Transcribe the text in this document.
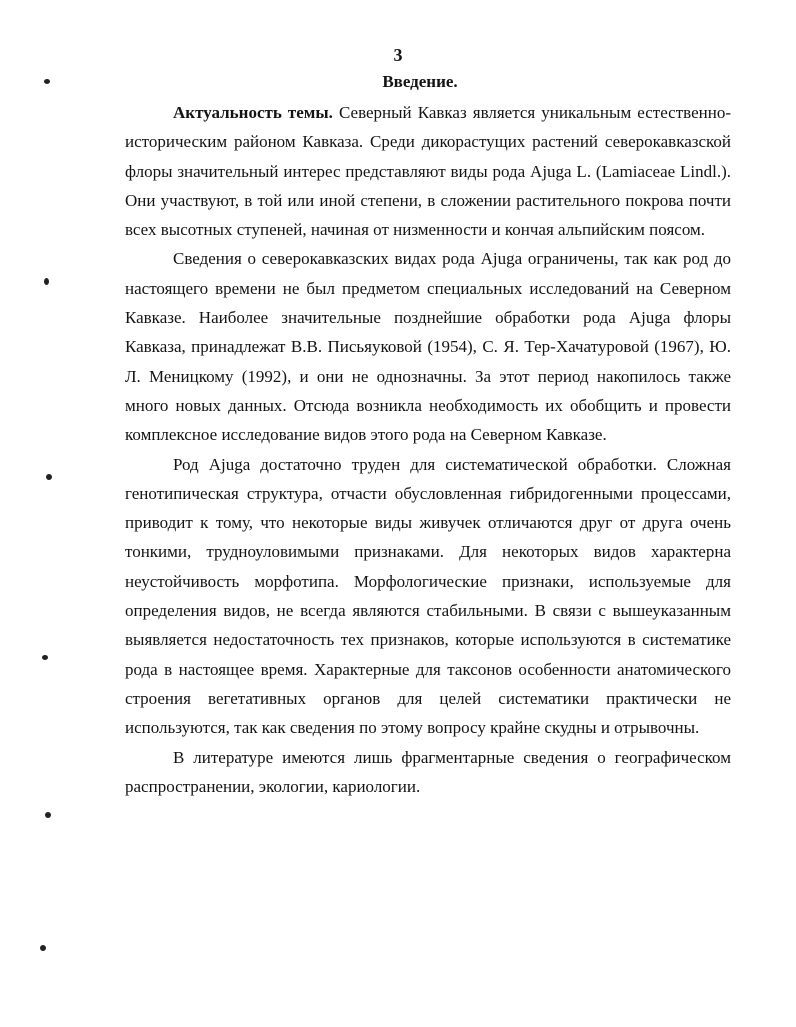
3
Введение.

Актуальность темы. Северный Кавказ является уникальным естественно-историческим районом Кавказа. Среди дикорастущих растений северокавказской флоры значительный интерес представляют виды рода Ajuga L. (Lamiaceae Lindl.). Они участвуют, в той или иной степени, в сложении растительного покрова почти всех высотных ступеней, начиная от низменности и кончая альпийским поясом.

Сведения о северокавказских видах рода Ajuga ограничены, так как род до настоящего времени не был предметом специальных исследований на Северном Кавказе. Наиболее значительные позднейшие обработки рода Ajuga флоры Кавказа, принадлежат В.В. Письяуковой (1954), С. Я. Тер-Хачатуровой (1967), Ю. Л. Меницкому (1992), и они не однозначны. За этот период накопилось также много новых данных. Отсюда возникла необходимость их обобщить и провести комплексное исследование видов этого рода на Северном Кавказе.

Род Ajuga достаточно труден для систематической обработки. Сложная генотипическая структура, отчасти обусловленная гибридогенными процессами, приводит к тому, что некоторые виды живучек отличаются друг от друга очень тонкими, трудноуловимыми признаками. Для некоторых видов характерна неустойчивость морфотипа. Морфологические признаки, используемые для определения видов, не всегда являются стабильными. В связи с вышеуказанным выявляется недостаточность тех признаков, которые используются в систематике рода в настоящее время. Характерные для таксонов особенности анатомического строения вегетативных органов для целей систематики практически не используются, так как сведения по этому вопросу крайне скудны и отрывочны.

В литературе имеются лишь фрагментарные сведения о географическом распространении, экологии, кариологии.
